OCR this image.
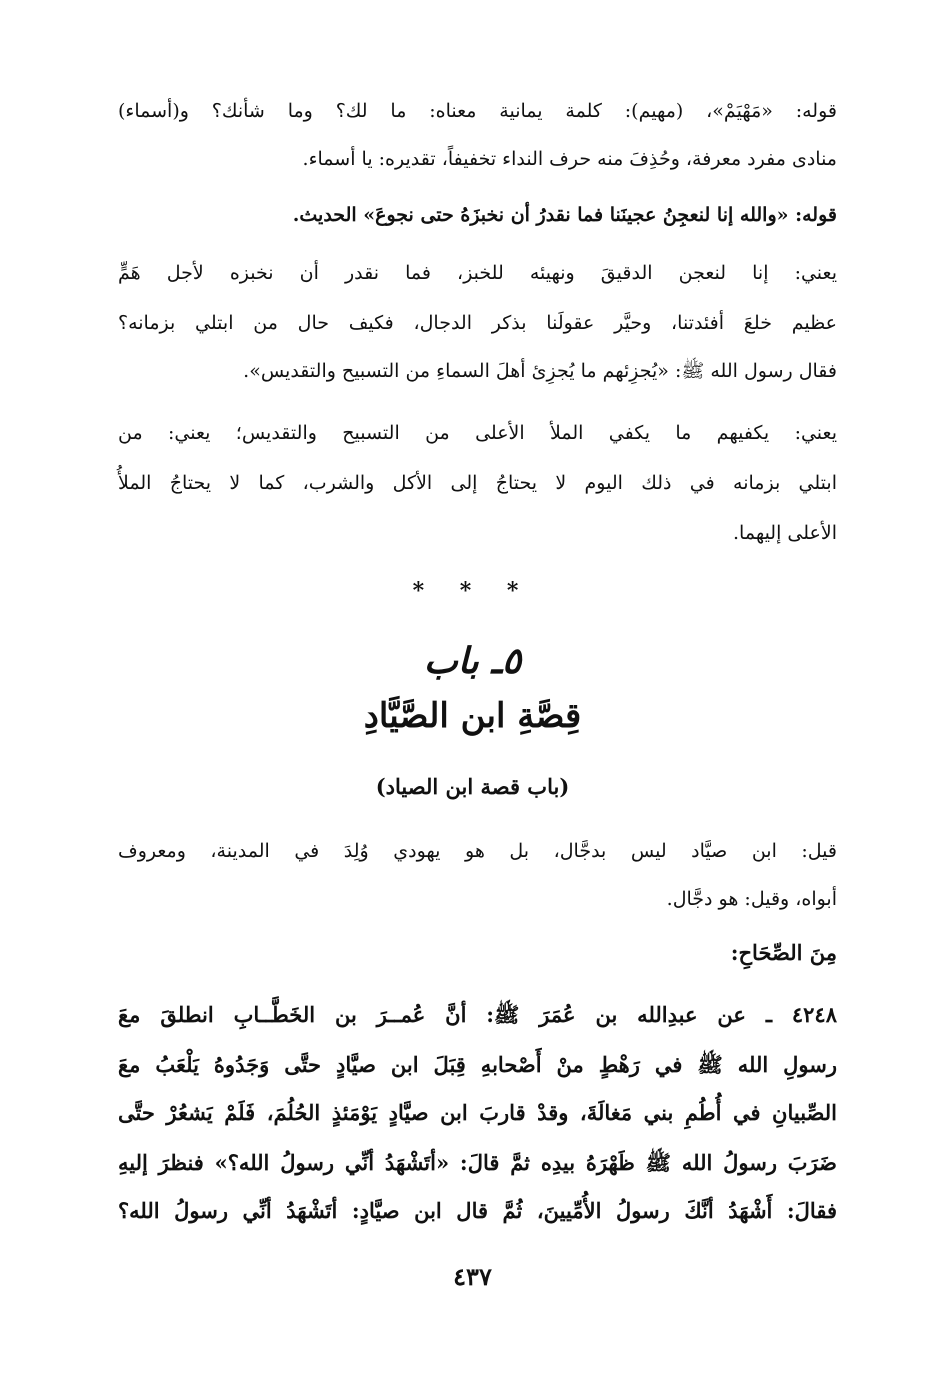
قوله: «مَهْيَمْ»، (مهيم): كلمة يمانية معناه: ما لك؟ وما شأنك؟ و(أسماء)
منادى مفرد معرفة، وحُذِفَ منه حرف النداء تخفيفاً، تقديره: يا أسماء.
قوله: «والله إنا لنعجِنُ عجينَنا فما نقدرُ أن نخبزَهُ حتى نجوعَ» الحديث.
يعني: إنا لنعجن الدقيقَ ونهيئه للخبز، فما نقدر أن نخبزه لأجل هَمٍّ
عظيم خلعَ أفئدتنا، وحيَّر عقولَنا بذكر الدجال، فكيف حال من ابتلي بزمانه؟
فقال رسول الله ﷺ: «يُجزِئهم ما يُجزِئ أهلَ السماءِ من التسبيح والتقديس».
يعني: يكفيهم ما يكفي الملأ الأعلى من التسبيح والتقديس؛ يعني: من
ابتلي بزمانه في ذلك اليوم لا يحتاجُ إلى الأكل والشرب، كما لا يحتاجُ الملأُ
الأعلى إليهما.
* * *
٥ـ باب
قِصَّةِ ابن الصَّيَّادِ
(باب قصة ابن الصياد)
قيل: ابن صيَّاد ليس بدجَّال، بل هو يهودي وُلِدَ في المدينة، ومعروف
أبواه، وقيل: هو دجَّال.
مِنَ الصِّحَاحِ:
٤٢٤٨ ـ عن عبدِالله بن عُمَرَ ﷺ: أنَّ عُمــرَ بن الخَطَّــابِ انطلقَ معَ
رسولِ الله ﷺ في رَهْطٍ منْ أَصْحابهِ قِبَلَ ابن صيَّادٍ حتَّى وَجَدُوهُ يَلْعَبُ معَ
الصِّبيانِ في أُطُمِ بني مَغالَةَ، وقدْ قاربَ ابن صيَّادٍ يَوْمَئذٍ الحُلُمَ، فَلَمْ يَشعُرْ حتَّى
ضَرَبَ رسولُ الله ﷺ ظَهْرَهُ بيدِه ثمَّ قالَ: «أتَشْهَدُ أنِّي رسولُ الله؟» فنظرَ إليهِ
فقالَ: أَشْهَدُ أنَّكَ رسولُ الأُمِّيينَ، ثُمَّ قال ابن صيَّادٍ: أتَشْهَدُ أنِّي رسولُ الله؟
٤٣٧
